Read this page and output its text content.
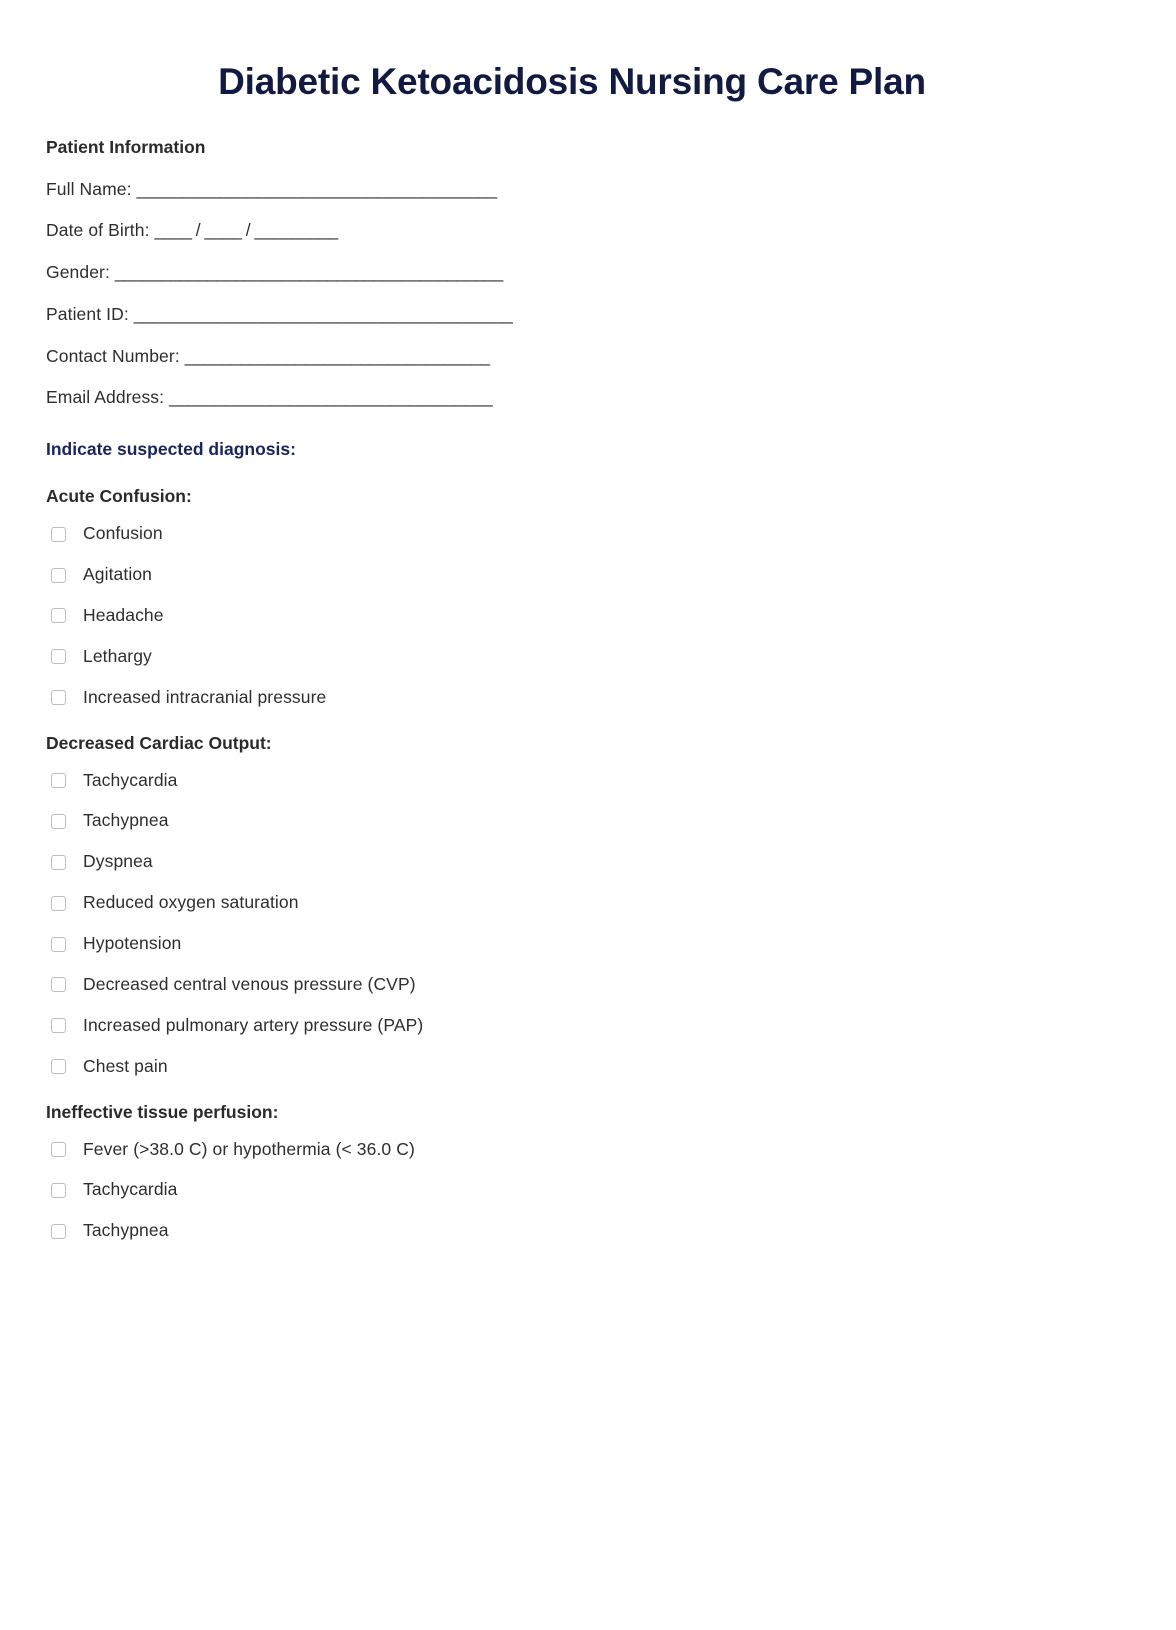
Diabetic Ketoacidosis Nursing Care Plan
Patient Information
Full Name: _______________________________________
Date of Birth: ____ / ____ / _________
Gender: __________________________________________
Patient ID: _________________________________________
Contact Number: _________________________________
Email Address: ___________________________________
Indicate suspected diagnosis:
Acute Confusion:
Confusion
Agitation
Headache
Lethargy
Increased intracranial pressure
Decreased Cardiac Output:
Tachycardia
Tachypnea
Dyspnea
Reduced oxygen saturation
Hypotension
Decreased central venous pressure (CVP)
Increased pulmonary artery pressure (PAP)
Chest pain
Ineffective tissue perfusion:
Fever (>38.0 C) or hypothermia (< 36.0 C)
Tachycardia
Tachypnea
